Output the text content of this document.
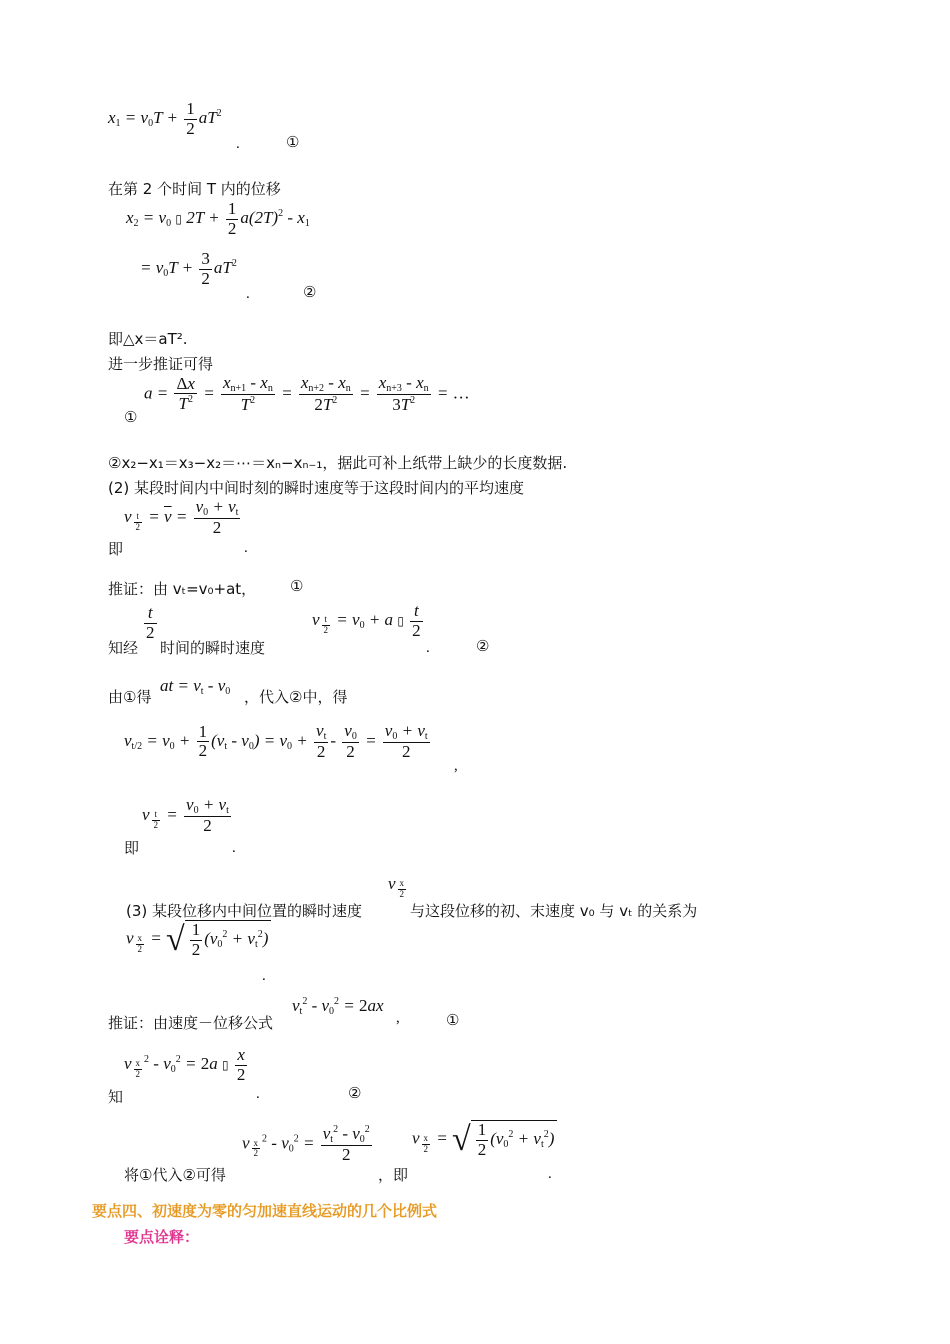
$x_1 = v_0T + \frac{1}{2} aT^2$
.	①
在第 2 个时间 T 内的位移
$x_2 = v_0$ ▯ $2T + \frac{1}{2} a(2T)^2 - x_1$
= $v_0T + \frac{3}{2} aT^2$
.	②
即△x＝aT².
进一步推证可得
①
$a = \frac{\Delta x}{T^2} = \frac{x_{n+1} - x_n}{T^2} = \frac{x_{n+2} - x_n}{2T^2} = \frac{x_{n+3} - x_n}{3T^2}$ = …
②x₂−x₁＝x₃−x₂＝⋯＝xₙ−xₙ₋₁，据此可补上纸带上缺少的长度数据.
(2) 某段时间内中间时刻的瞬时速度等于这段时间内的平均速度
即
v $_{\frac{t}{2}} = \overline{v} = \frac{v_0 + v_t}{2}$
.
推证：由 vₜ=v₀+at， ①
知经
$\frac{t}{2}$
时间的瞬时速度
v $_{\frac{t}{2}} = v_0 + a$ ▯ $\frac{t}{2}$
.	②
由①得
at = $v_t - v_0$ ，代入②中，得
$v_{t/2} = v_0 + \frac{1}{2} (v_t - v_0) = v_0 + \frac{v_t}{2} - \frac{v_0}{2} = \frac{v_0 + v_t}{2}$
,
即
v $_{\frac{t}{2}} = \frac{v_0 + v_t}{2}$
.
(3) 某段位移内中间位置的瞬时速度
v $_{\frac{x}{2}}$
与这段位移的初、末速度 v₀ 与 vₜ 的关系为
v $_{\frac{x}{2}}$ = √ $\frac{1}{2} (v_0^2 + v_t^2)$
.
推证：由速度－位移公式
$v_t^2 - v_0^2 = 2ax$
,	①
知
v $_{\frac{x}{2}}$ $^2 - v_0^2 = 2a$ ▯ $\frac{x}{2}$
.	②
将①代入②可得
v $_{\frac{x}{2}}$ $^2 - v_0^2 = \frac{v_t^2 - v_0^2}{2}$
，即
v $_{\frac{x}{2}}$ = √ $\frac{1}{2} (v_0^2 + v_t^2)$
.
要点四、初速度为零的匀加速直线运动的几个比例式
要点诠释：
